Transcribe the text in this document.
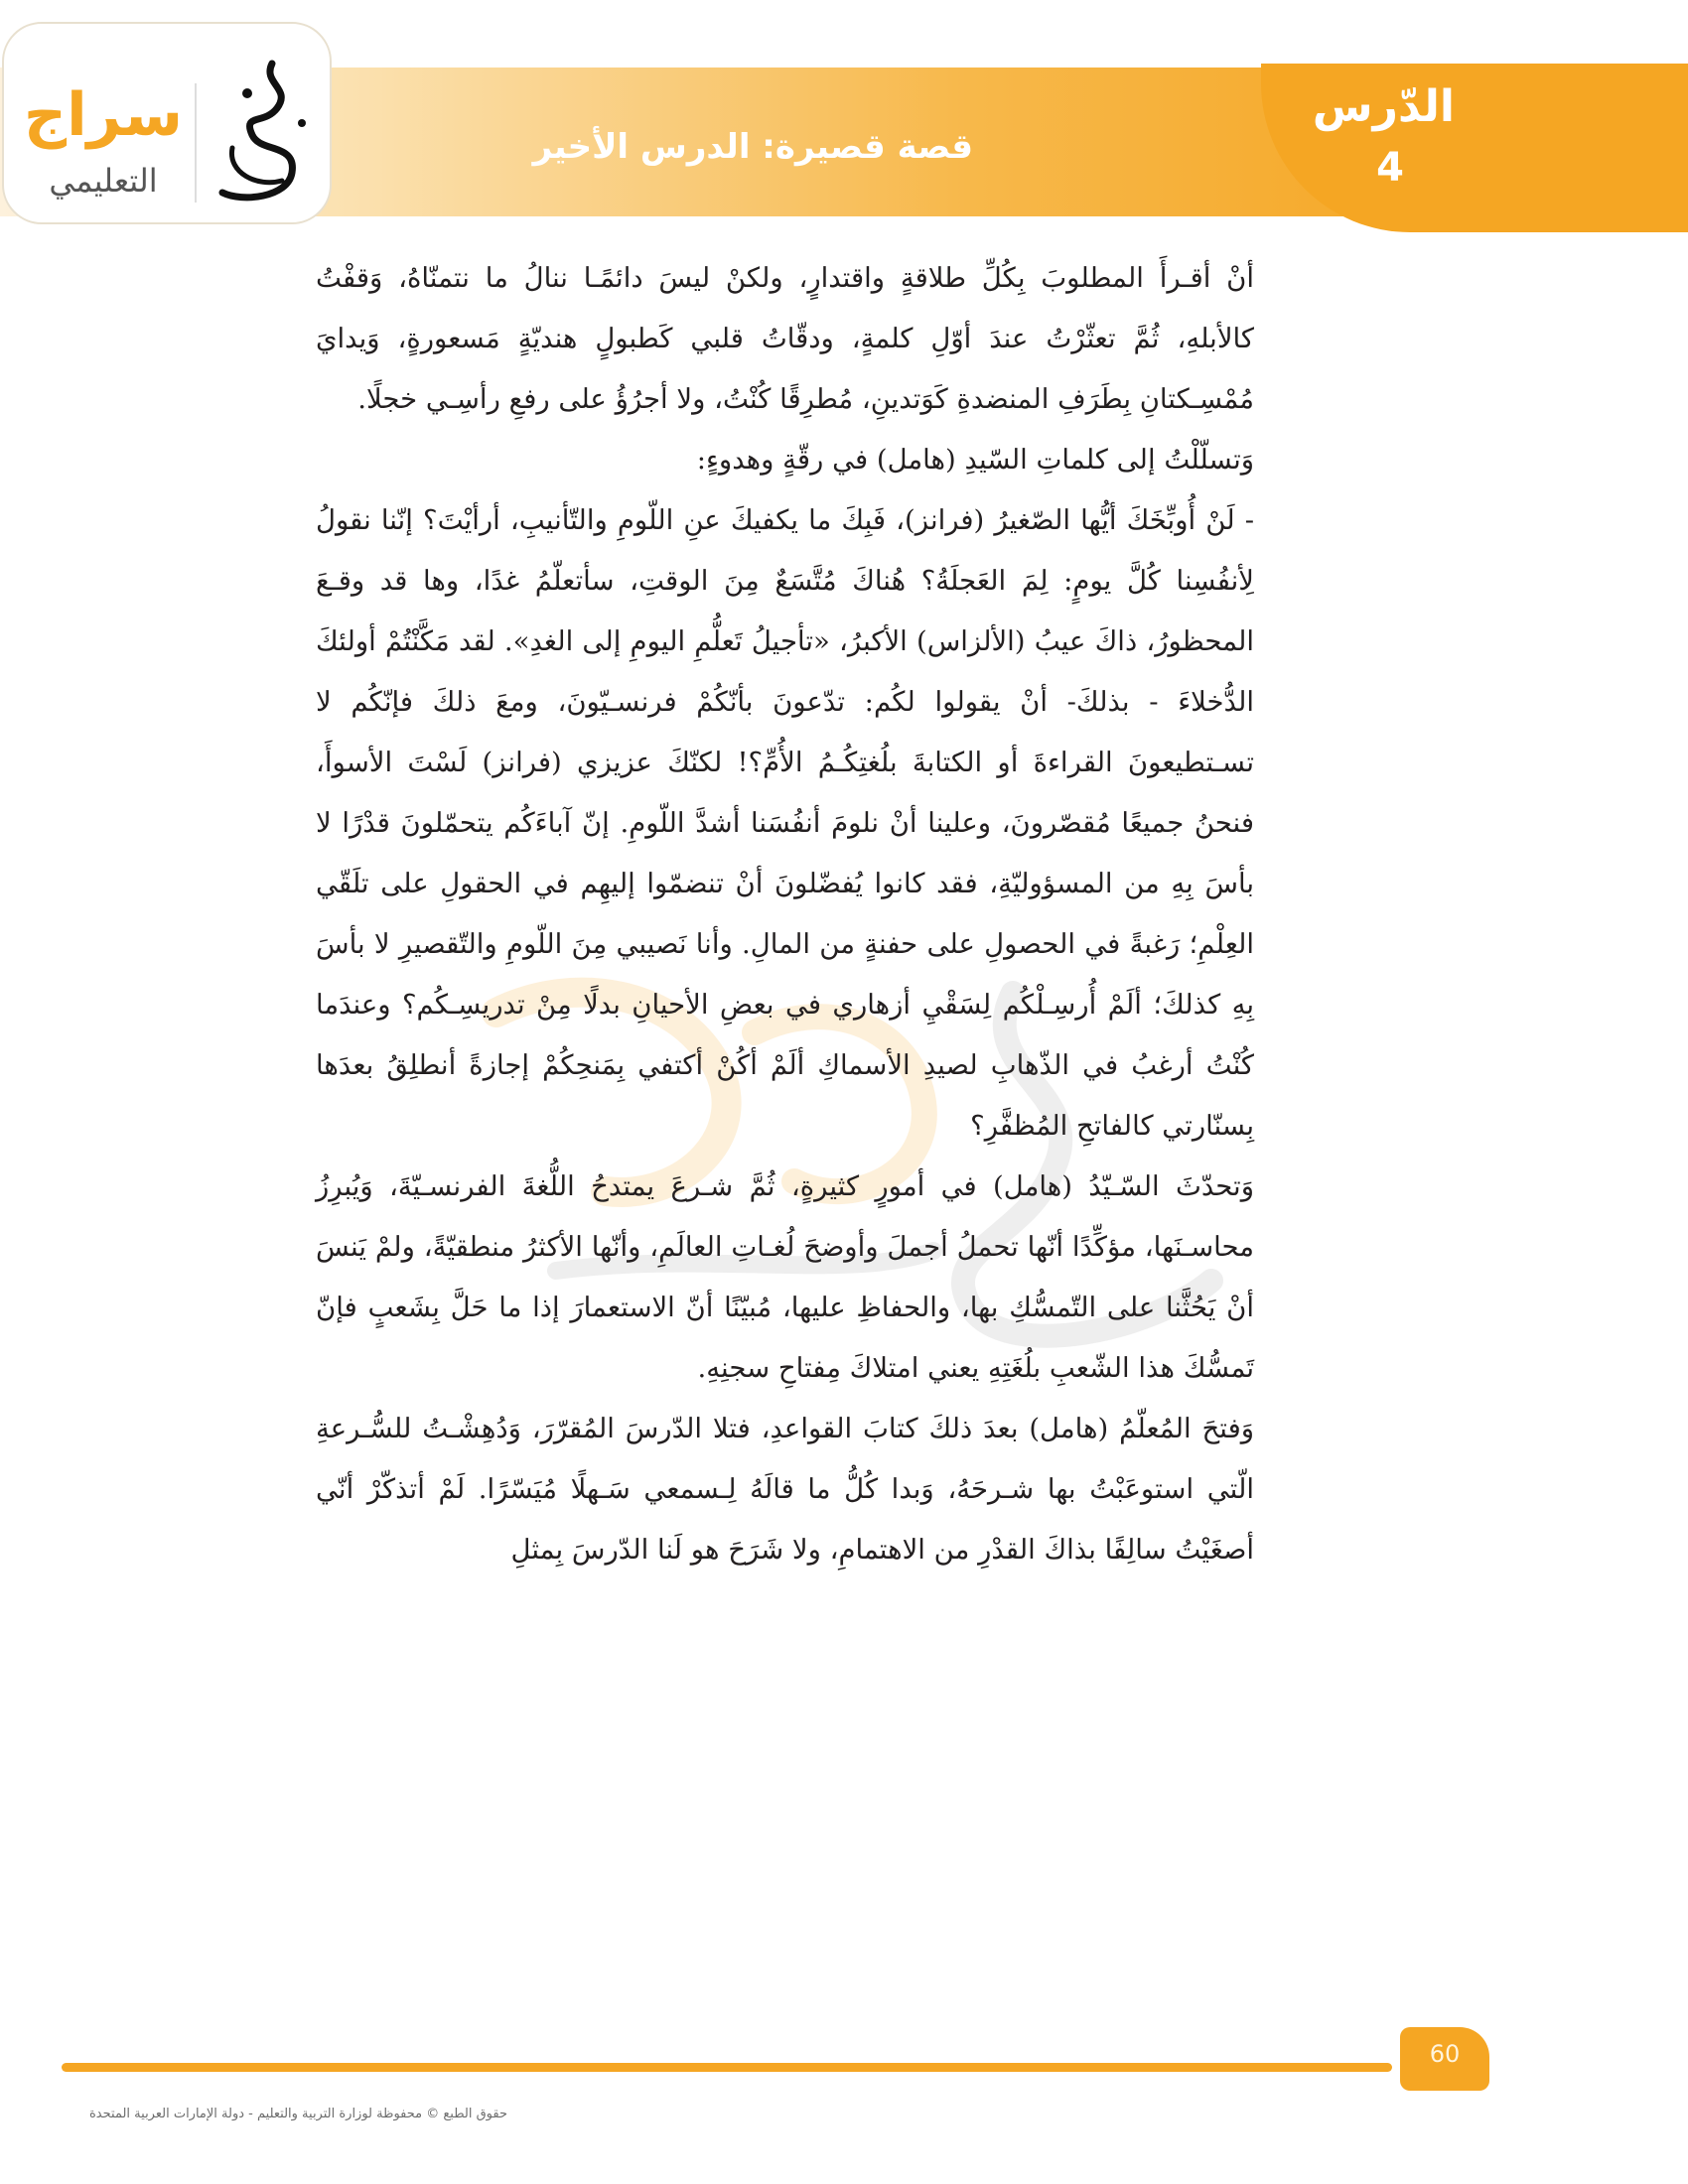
قصة قصيرة: الدرس الأخير
الدّرس
4
سراج
التعليمي

أنْ أقـرأَ المطلوبَ بِكُلِّ طلاقةٍ واقتدارٍ، ولكنْ ليسَ دائمًـا ننالُ ما نتمنّاهُ، وَقفْتُ كالأبلهِ، ثُمَّ تعثّرْتُ عندَ أوّلِ كلمةٍ، ودقّاتُ قلبي كَطبولٍ هنديّةٍ مَسعورةٍ، وَيدايَ مُمْسِـكتانِ بِطَرَفِ المنضدةِ كَوَتدينِ، مُطرِقًا كُنْتُ، ولا أجرُؤُ على رفعِ رأسِـي خجلًا.

وَتسلّلْتُ إلى كلماتِ السّيدِ (هامل) في رقّةٍ وهدوءٍ:

- لَنْ أُوبِّخَكَ أيُّها الصّغيرُ (فرانز)، فَبِكَ ما يكفيكَ عنِ اللّومِ والتّأنيبِ، أرأيْتَ؟ إنّنا نقولُ لِأنفُسِنا كُلَّ يومٍ: لِمَ العَجلَةُ؟ هُناكَ مُتَّسَعٌ مِنَ الوقتِ، سأتعلّمُ غدًا، وها قد وقـعَ المحظورُ، ذاكَ عيبُ (الألزاس) الأكبرُ، «تأجيلُ تَعلُّمِ اليومِ إلى الغدِ». لقد مَكَّنْتُمْ أولئكَ الدُّخلاءَ - بذلكَ- أنْ يقولوا لكُم: تدّعونَ بأنّكُمْ فرنسـيّونَ، ومعَ ذلكَ فإنّكُم لا تسـتطيعونَ القراءةَ أو الكتابةَ بلُغتِكُـمُ الأُمِّ؟! لكنّكَ عزيزي (فرانز) لَسْتَ الأسوأَ، فنحنُ جميعًا مُقصّرونَ، وعلينا أنْ نلومَ أنفُسَنا أشدَّ اللّومِ. إنّ آباءَكُم يتحمّلونَ قدْرًا لا بأسَ بِهِ من المسؤوليّةِ، فقد كانوا يُفضّلونَ أنْ تنضمّوا إليهِم في الحقولِ على تلَقّي العِلْمِ؛ رَغبةً في الحصولِ على حفنةٍ من المالِ. وأنا نَصيبي مِنَ اللّومِ والتّقصيرِ لا بأسَ بِهِ كذلكَ؛ ألَمْ أُرسِـلْكُم لِسَقْيِ أزهاري في بعضِ الأحيانِ بدلًا مِنْ تدريسِـكُم؟ وعندَما كُنْتُ أرغبُ في الذّهابِ لصيدِ الأسماكِ ألَمْ أكُنْ أكتفي بِمَنحِكُمْ إجازةً أنطلِقُ بعدَها بِسنّارتي كالفاتحِ المُظفَّرِ؟

وَتحدّثَ السّـيّدُ (هامل) في أمورٍ كثيرةٍ، ثُمَّ شـرعَ يمتدحُ اللُّغةَ الفرنسـيّةَ، وَيُبرِزُ محاسـنَها، مؤكِّدًا أنّها تحملُ أجملَ وأوضحَ لُغـاتِ العالَمِ، وأنّها الأكثرُ منطقيّةً، ولمْ يَنسَ أنْ يَحُثَّنا على التّمسُّكِ بها، والحفاظِ عليها، مُبيّنًا أنّ الاستعمارَ إذا ما حَلَّ بِشَعبٍ فإنّ تَمسُّكَ هذا الشّعبِ بلُغَتِهِ يعني امتلاكَ مِفتاحِ سجنِهِ.

وَفتحَ المُعلّمُ (هامل) بعدَ ذلكَ كتابَ القواعدِ، فتلا الدّرسَ المُقرّرَ، وَدُهِشْـتُ للسُّـرعةِ الّتي استوعَبْتُ بها شـرحَهُ، وَبدا كُلُّ ما قالَهُ لِـسمعي سَـهلًا مُيَسّرًا. لَمْ أتذكّرْ أنّي أصغَيْتُ سالِفًا بذاكَ القدْرِ من الاهتمامِ، ولا شَرَحَ هو لَنا الدّرسَ بِمثلِ

60
حقوق الطبع © محفوظة لوزارة التربية والتعليم - دولة الإمارات العربية المتحدة
